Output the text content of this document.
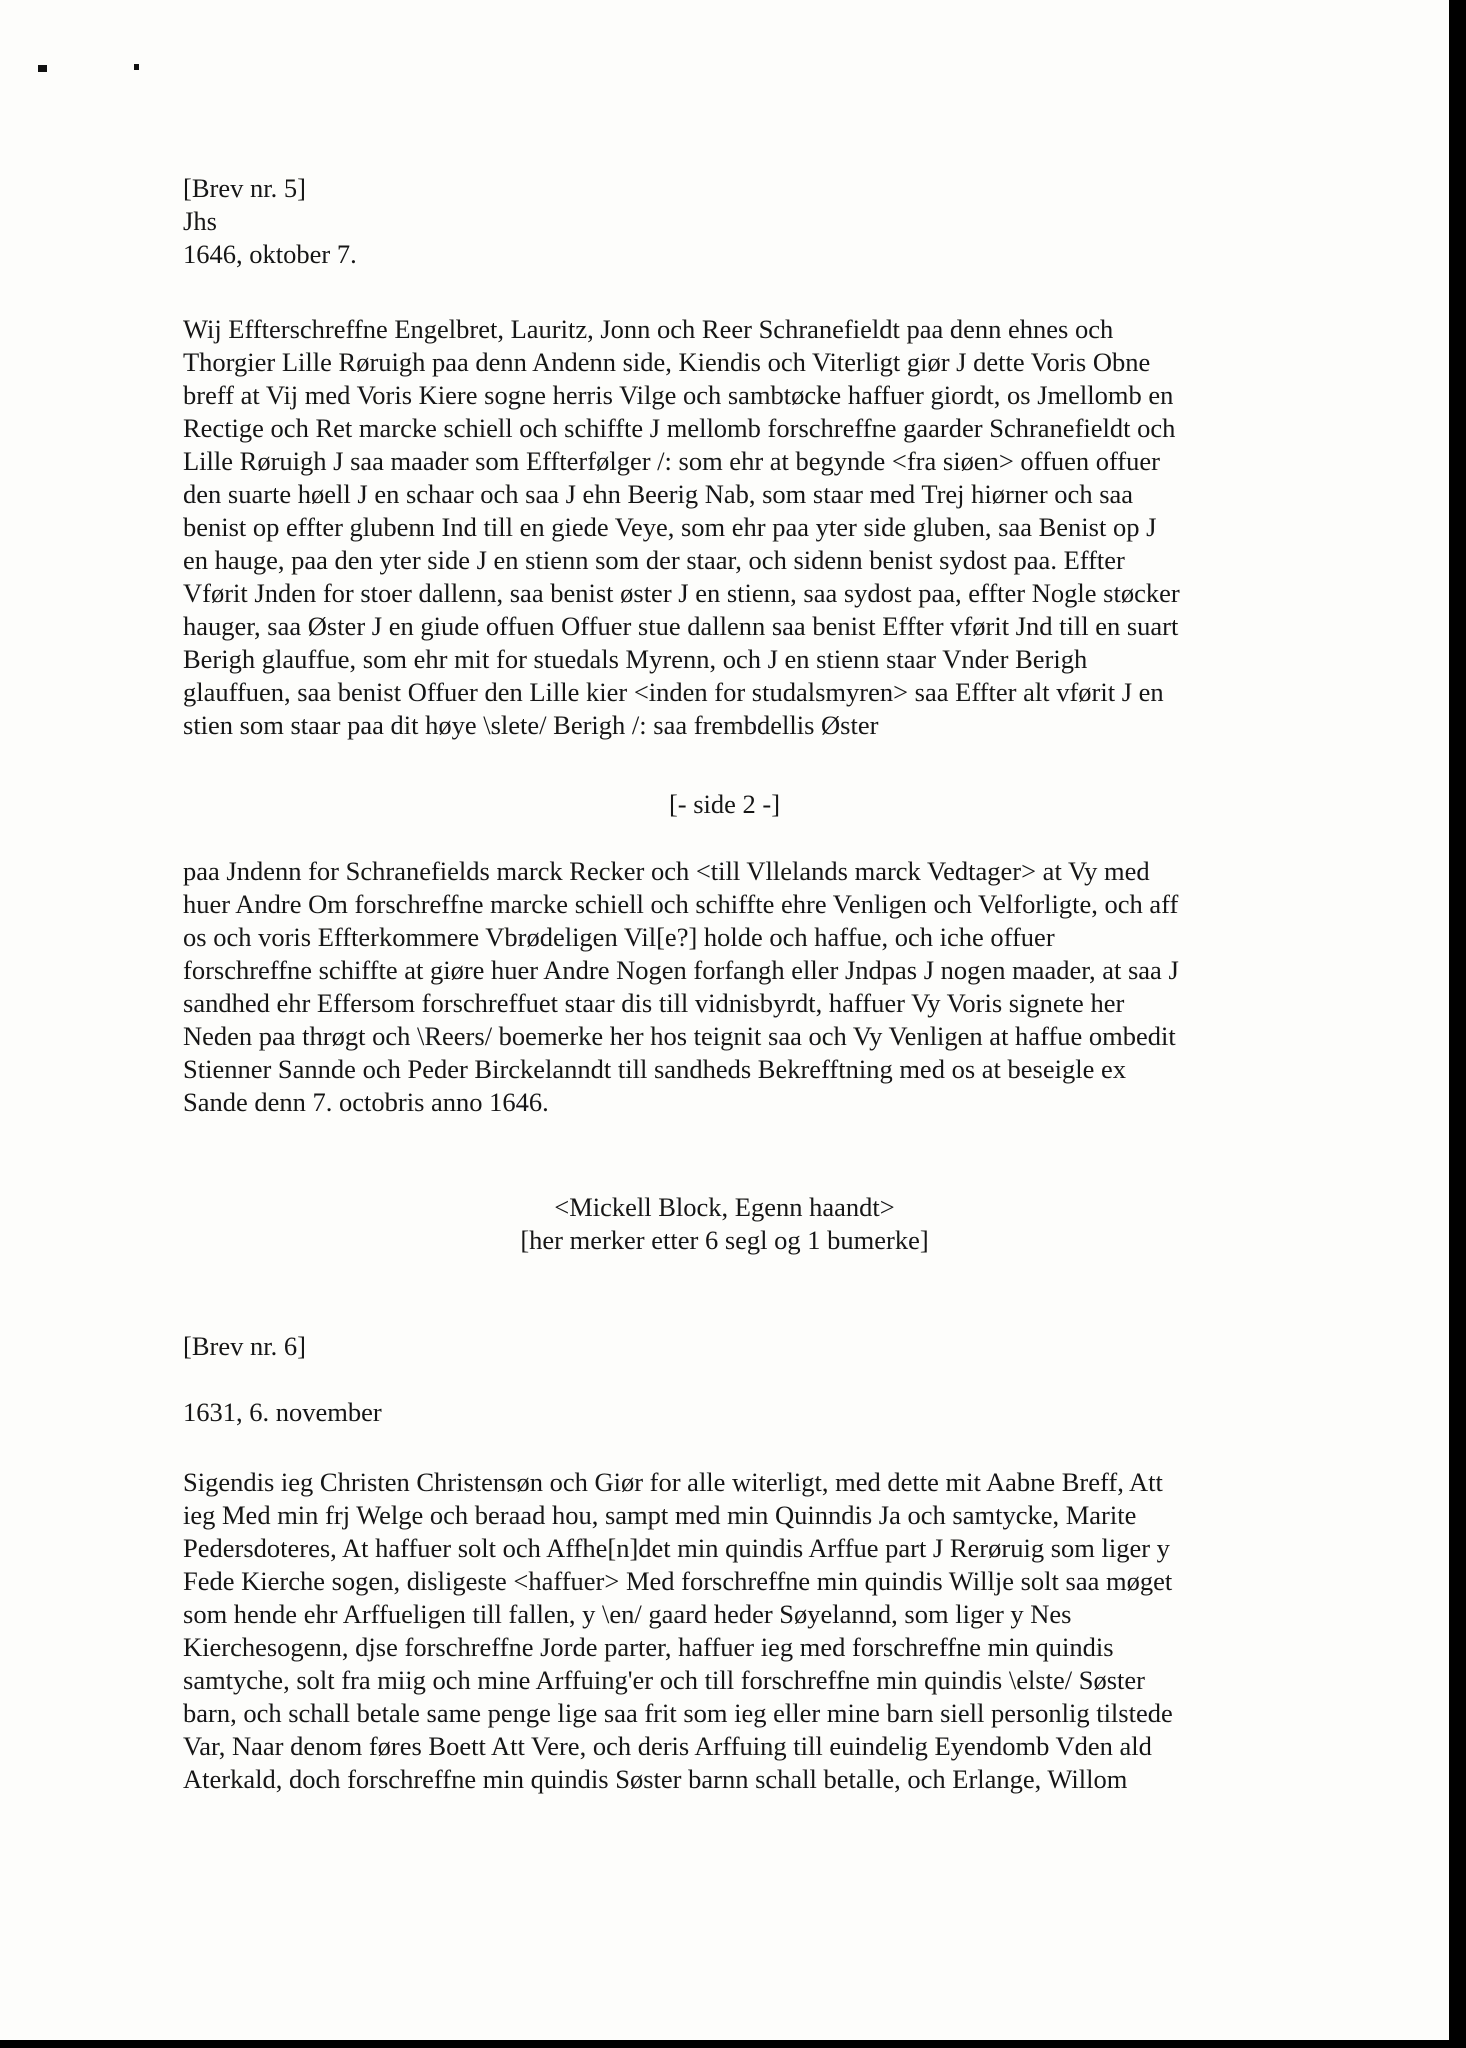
[Brev nr. 5]
Jhs
1646, oktober 7.
Wij Effterschreffne Engelbret, Lauritz, Jonn och Reer Schranefieldt paa denn ehnes och
Thorgier Lille Røruigh paa denn Andenn side, Kiendis och Viterligt giør J dette Voris Obne
breff at Vij med Voris Kiere sogne herris Vilge och sambtøcke haffuer giordt, os Jmellomb en
Rectige och Ret marcke schiell och schiffte J mellomb forschreffne gaarder Schranefieldt och
Lille Røruigh J saa maader som Effterfølger /: som ehr at begynde <fra siøen> offuen offuer
den suarte høell J en schaar och saa J ehn Beerig Nab, som staar med Trej hiørner och saa
benist op effter glubenn Ind till en giede Veye, som ehr paa yter side gluben, saa Benist op J
en hauge, paa den yter side J en stienn som der staar, och sidenn benist sydost paa. Effter
Vførit Jnden for stoer dallenn, saa benist øster J en stienn, saa sydost paa, effter Nogle støcker
hauger, saa Øster J en giude offuen Offuer stue dallenn saa benist Effter vførit Jnd till en suart
Berigh glauffue, som ehr mit for stuedals Myrenn, och J en stienn staar Vnder Berigh
glauffuen, saa benist Offuer den Lille kier <inden for studalsmyren> saa Effter alt vførit J en
stien som staar paa dit høye \slete/ Berigh /: saa frembdellis Øster
[- side 2 -]
paa Jndenn for Schranefields marck Recker och <till Vllelands marck Vedtager> at Vy med
huer Andre Om forschreffne marcke schiell och schiffte ehre Venligen och Velforligte, och aff
os och voris Effterkommere Vbrødeligen Vil[e?] holde och haffue, och iche offuer
forschreffne schiffte at giøre huer Andre Nogen forfangh eller Jndpas J nogen maader, at saa J
sandhed ehr Effersom forschreffuet staar dis till vidnisbyrdt, haffuer Vy Voris signete her
Neden paa thrøgt och \Reers/ boemerke her hos teignit saa och Vy Venligen at haffue ombedit
Stienner Sannde och Peder Birckelanndt till sandheds Bekrefftning med os at beseigle ex
Sande denn 7. octobris anno 1646.
<Mickell Block, Egenn haandt>
[her merker etter 6 segl og 1 bumerke]
[Brev nr. 6]
1631, 6. november
Sigendis ieg Christen Christensøn och Giør for alle witerligt, med dette mit Aabne Breff, Att
ieg Med min frj Welge och beraad hou, sampt med min Quinndis Ja och samtycke, Marite
Pedersdoteres, At haffuer solt och Affhe[n]det min quindis Arffue part J Rerøruig som liger y
Fede Kierche sogen, disligeste <haffuer> Med forschreffne min quindis Willje solt saa møget
som hende ehr Arffueligen till fallen, y \en/ gaard heder Søyelannd, som liger y Nes
Kierchesogenn, djse forschreffne Jorde parter, haffuer ieg med forschreffne min quindis
samtyche, solt fra miig och mine Arffuing'er och till forschreffne min quindis \elste/ Søster
barn, och schall betale same penge lige saa frit som ieg eller mine barn siell personlig tilstede
Var, Naar denom føres Boett Att Vere, och deris Arffuing till euindelig Eyendomb Vden ald
Aterkald, doch forschreffne min quindis Søster barnn schall betalle, och Erlange, Willom
